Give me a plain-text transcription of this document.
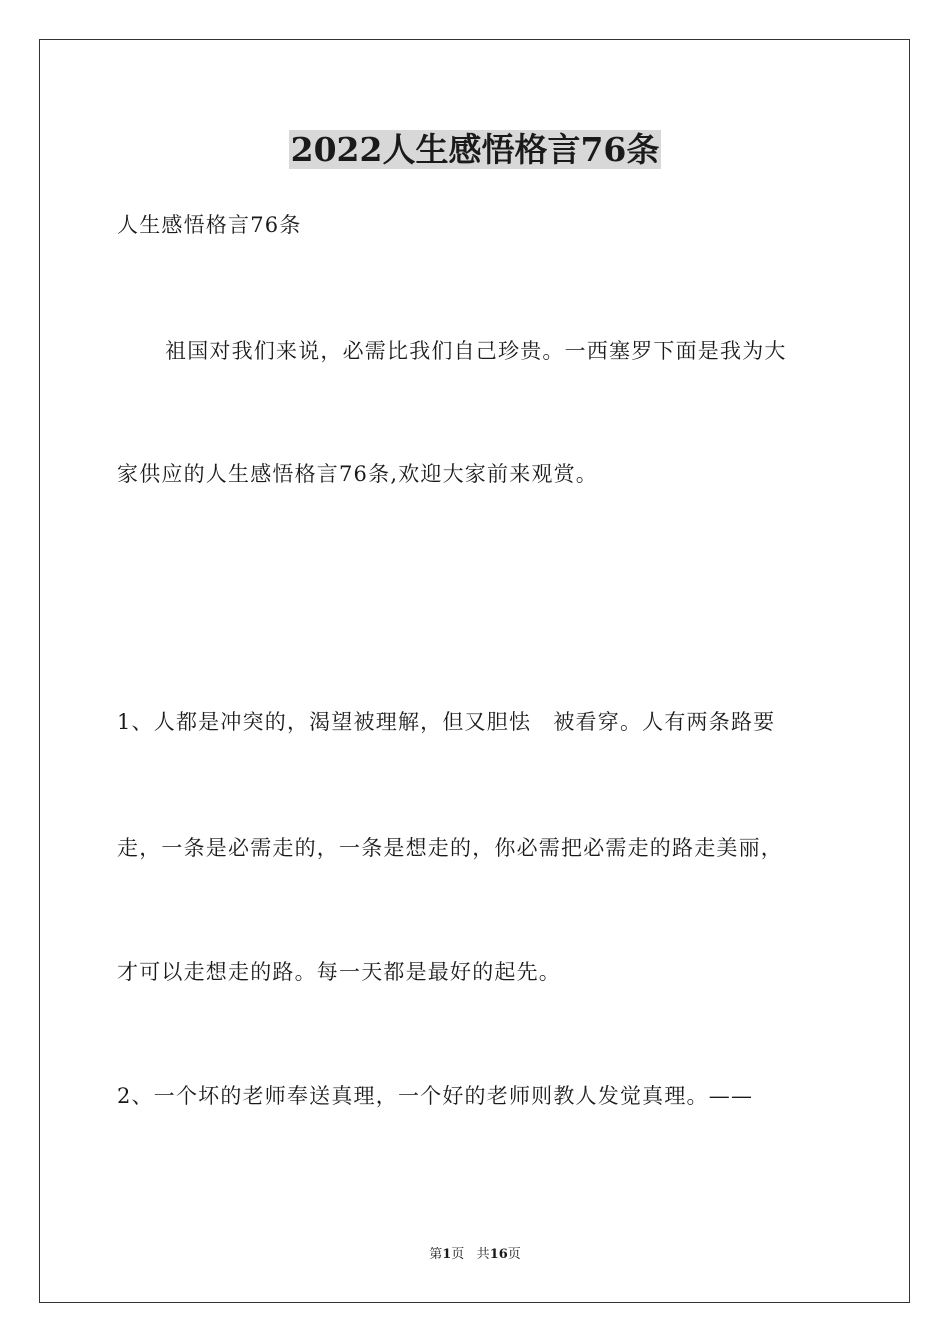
2022人生感悟格言76条

人生感悟格言76条

祖国对我们来说，必需比我们自己珍贵。一西塞罗下面是我为大

家供应的人生感悟格言76条,欢迎大家前来观赏。

1、人都是冲突的，渴望被理解，但又胆怯　被看穿。人有两条路要

走，一条是必需走的，一条是想走的，你必需把必需走的路走美丽，

才可以走想走的路。每一天都是最好的起先。

2、一个坏的老师奉送真理，一个好的老师则教人发觉真理。——

第1页 共16页
